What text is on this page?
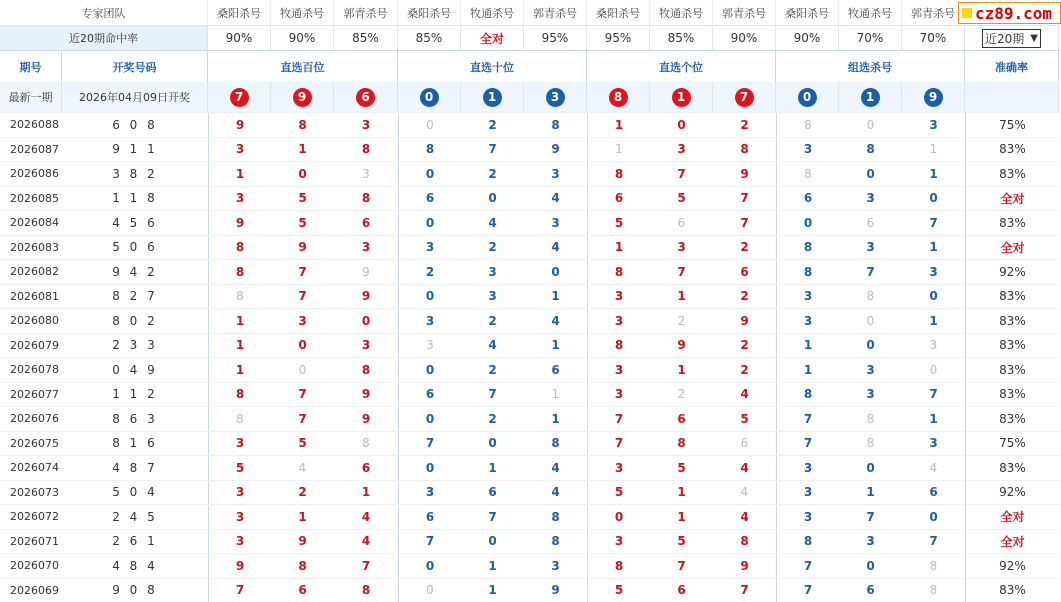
专家团队	桑阳杀号	牧通杀号	郭青杀号	桑阳杀号	牧通杀号	郭青杀号	桑阳杀号	牧通杀号	郭青杀号	桑阳杀号	牧通杀号	郭青杀号	cz89.com
近20期命中率	90%	90%	85%	85%	全对	95%	95%	85%	90%	90%	70%	70%	近20期 ▼
期号	开奖号码	直选百位	直选十位	直选个位	组选杀号	准确率
最新一期	2026年04月09日开奖	7	9	6	0	1	3	8	1	7	0	1	9
2026088	6 0 8	9	8	3	0	2	8	1	0	2	8	0	3	75%
2026087	9 1 1	3	1	8	8	7	9	1	3	8	3	8	1	83%
2026086	3 8 2	1	0	3	0	2	3	8	7	9	8	0	1	83%
2026085	1 1 8	3	5	8	6	0	4	6	5	7	6	3	0	全对
2026084	4 5 6	9	5	6	0	4	3	5	6	7	0	6	7	83%
2026083	5 0 6	8	9	3	3	2	4	1	3	2	8	3	1	全对
2026082	9 4 2	8	7	9	2	3	0	8	7	6	8	7	3	92%
2026081	8 2 7	8	7	9	0	3	1	3	1	2	3	8	0	83%
2026080	8 0 2	1	3	0	3	2	4	3	2	9	3	0	1	83%
2026079	2 3 3	1	0	3	3	4	1	8	9	2	1	0	3	83%
2026078	0 4 9	1	0	8	0	2	6	3	1	2	1	3	0	83%
2026077	1 1 2	8	7	9	6	7	1	3	2	4	8	3	7	83%
2026076	8 6 3	8	7	9	0	2	1	7	6	5	7	8	1	83%
2026075	8 1 6	3	5	8	7	0	8	7	8	6	7	8	3	75%
2026074	4 8 7	5	4	6	0	1	4	3	5	4	3	0	4	83%
2026073	5 0 4	3	2	1	3	6	4	5	1	4	3	1	6	92%
2026072	2 4 5	3	1	4	6	7	8	0	1	4	3	7	0	全对
2026071	2 6 1	3	9	4	7	0	8	3	5	8	8	3	7	全对
2026070	4 8 4	9	8	7	0	1	3	8	7	9	7	0	8	92%
2026069	9 0 8	7	6	8	0	1	9	5	6	7	7	6	8	83%
